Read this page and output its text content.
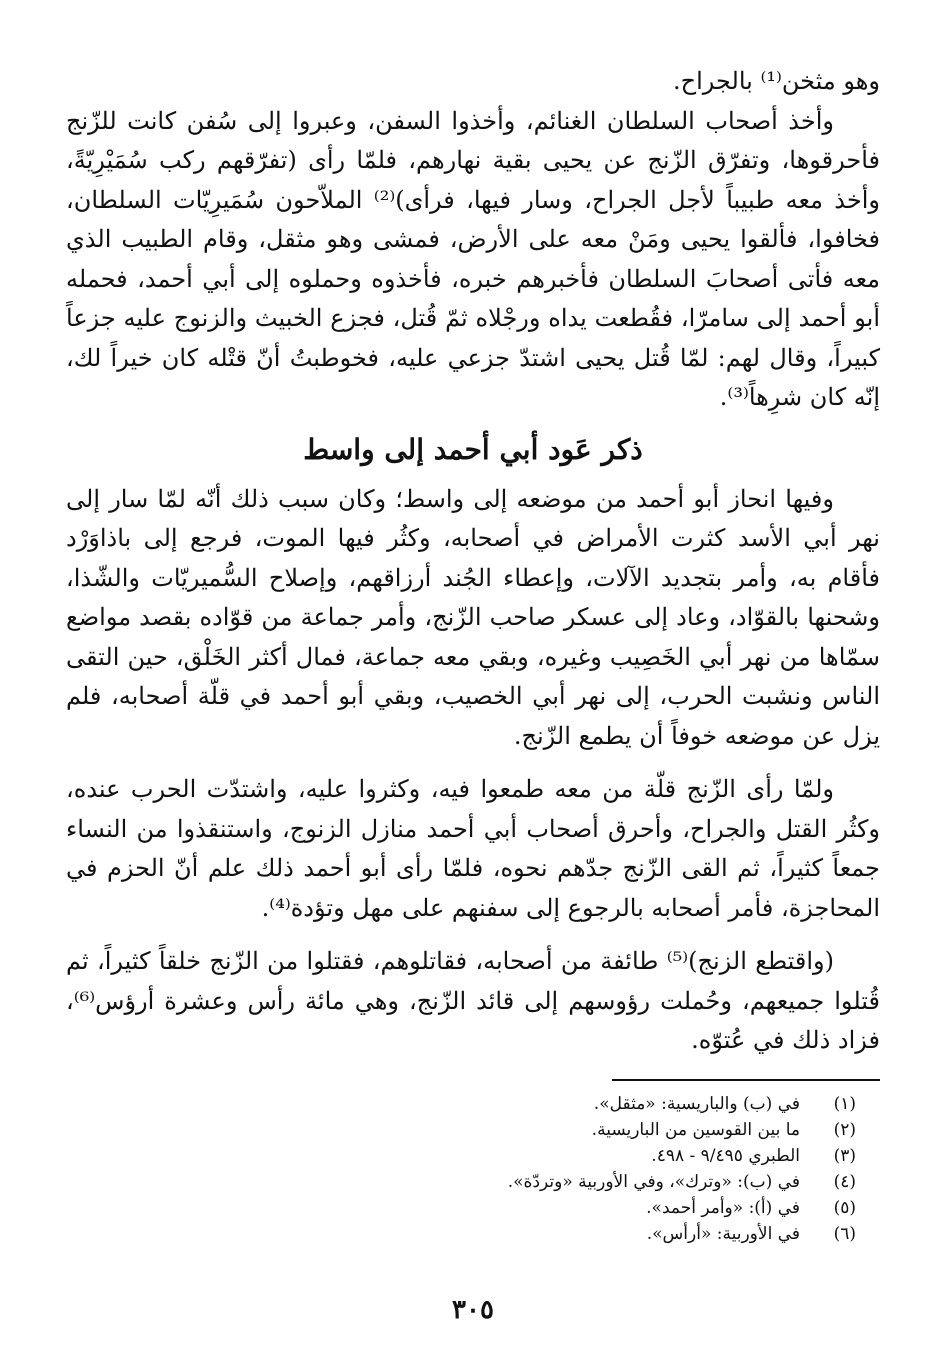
وهو مثخن⁽¹⁾ بالجراح.

وأخذ أصحاب السلطان الغنائم، وأخذوا السفن، وعبروا إلى سُفن كانت للزّنج فأحرقوها، وتفرّق الزّنج عن يحيى بقية نهارهم، فلمّا رأى (تفرّقهم ركب سُمَيْرِيّةً، وأخذ معه طبيباً لأجل الجراح، وسار فيها، فرأى)⁽²⁾ الملاّحون سُمَيرِيّات السلطان، فخافوا، فألقوا يحيى ومَنْ معه على الأرض، فمشى وهو مثقل، وقام الطبيب الذي معه فأتى أصحابَ السلطان فأخبرهم خبره، فأخذوه وحملوه إلى أبي أحمد، فحمله أبو أحمد إلى سامرّا، فقُطعت يداه ورجْلاه ثمّ قُتل، فجزع الخبيث والزنوج عليه جزعاً كبيراً، وقال لهم: لمّا قُتل يحيى اشتدّ جزعي عليه، فخوطبتُ أنّ قتْله كان خيراً لك، إنّه كان شرِهاً⁽³⁾.

ذكر عَود أبي أحمد إلى واسط

وفيها انحاز أبو أحمد من موضعه إلى واسط؛ وكان سبب ذلك أنّه لمّا سار إلى نهر أبي الأسد كثرت الأمراض في أصحابه، وكثُر فيها الموت، فرجع إلى باذاوَرْد فأقام به، وأمر بتجديد الآلات، وإعطاء الجُند أرزاقهم، وإصلاح السُّميريّات والشّذا، وشحنها بالقوّاد، وعاد إلى عسكر صاحب الزّنج، وأمر جماعة من قوّاده بقصد مواضع سمّاها من نهر أبي الخَصِيب وغيره، وبقي معه جماعة، فمال أكثر الخَلْق، حين التقى الناس ونشبت الحرب، إلى نهر أبي الخصيب، وبقي أبو أحمد في قلّة أصحابه، فلم يزل عن موضعه خوفاً أن يطمع الزّنج.

ولمّا رأى الزّنج قلّة من معه طمعوا فيه، وكثروا عليه، واشتدّت الحرب عنده، وكثُر القتل والجراح، وأحرق أصحاب أبي أحمد منازل الزنوج، واستنقذوا من النساء جمعاً كثيراً، ثم القى الزّنج جدّهم نحوه، فلمّا رأى أبو أحمد ذلك علم أنّ الحزم في المحاجزة، فأمر أصحابه بالرجوع إلى سفنهم على مهل وتؤدة⁽⁴⁾.

(واقتطع الزنج)⁽⁵⁾ طائفة من أصحابه، فقاتلوهم، فقتلوا من الزّنج خلقاً كثيراً، ثم قُتلوا جميعهم، وحُملت رؤوسهم إلى قائد الزّنج، وهي مائة رأس وعشرة أرؤس⁽⁶⁾، فزاد ذلك في عُتوّه.

(١)
في (ب) والباريسية: «مثقل».
(٢)
ما بين القوسين من الباريسية.
(٣)
الطبري ٩/٤٩٥ - ٤٩٨.
(٤)
في (ب): «وترك»، وفي الأوربية «وتردّة».
(٥)
في (أ): «وأمر أحمد».
(٦)
في الأوربية: «أرأس».
٣٠٥
